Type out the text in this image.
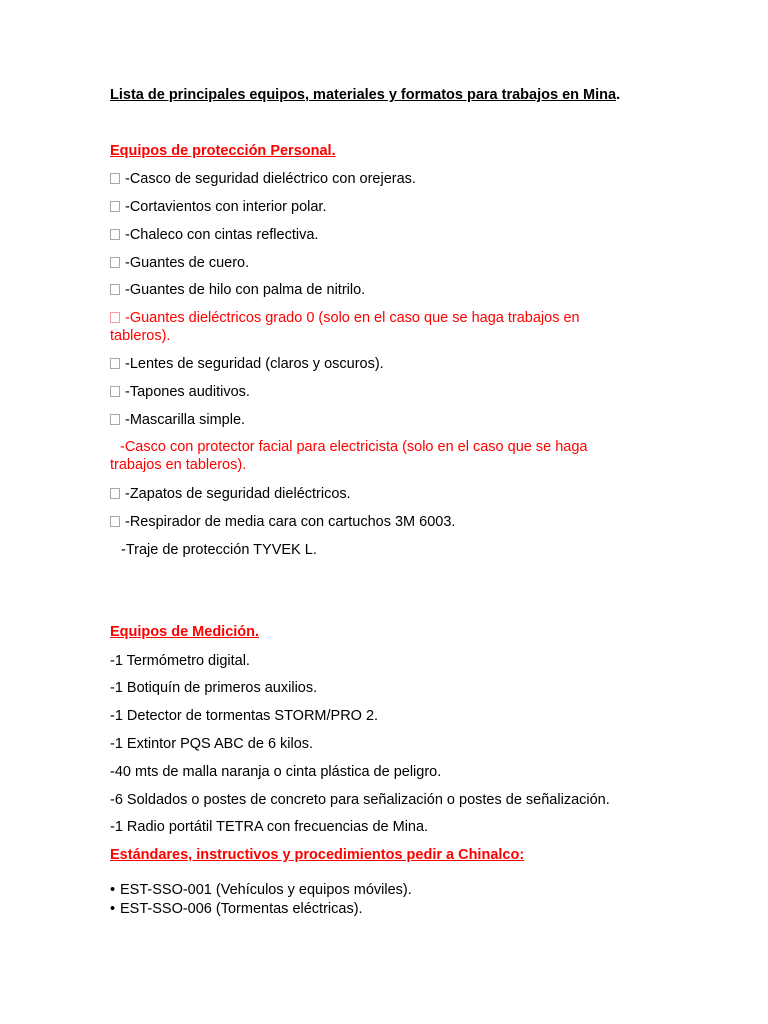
Lista de principales equipos, materiales y formatos para trabajos en Mina.
Equipos de protección Personal.
-Casco de seguridad dieléctrico con orejeras.
-Cortavientos con interior polar.
-Chaleco con cintas reflectiva.
-Guantes de cuero.
-Guantes de hilo con palma de nitrilo.
-Guantes dieléctricos grado 0 (solo en el caso que se haga trabajos en tableros).
-Lentes de seguridad (claros y oscuros).
-Tapones auditivos.
-Mascarilla simple.
-Casco con protector facial para electricista (solo en el caso que se haga trabajos en tableros).
-Zapatos de seguridad dieléctricos.
-Respirador de media cara con cartuchos 3M 6003.
-Traje de protección TYVEK L.
Equipos de Medición.
-1 Termómetro digital.
-1 Botiquín de primeros auxilios.
-1 Detector de tormentas STORM/PRO 2.
-1 Extintor PQS ABC de 6 kilos.
-40 mts de malla naranja o cinta plástica de peligro.
-6 Soldados o postes de concreto para señalización o postes de señalización.
-1 Radio portátil TETRA con frecuencias de Mina.
Estándares, instructivos y procedimientos pedir a Chinalco:
• EST-SSO-001 (Vehículos y equipos móviles).
• EST-SSO-006 (Tormentas eléctricas).
